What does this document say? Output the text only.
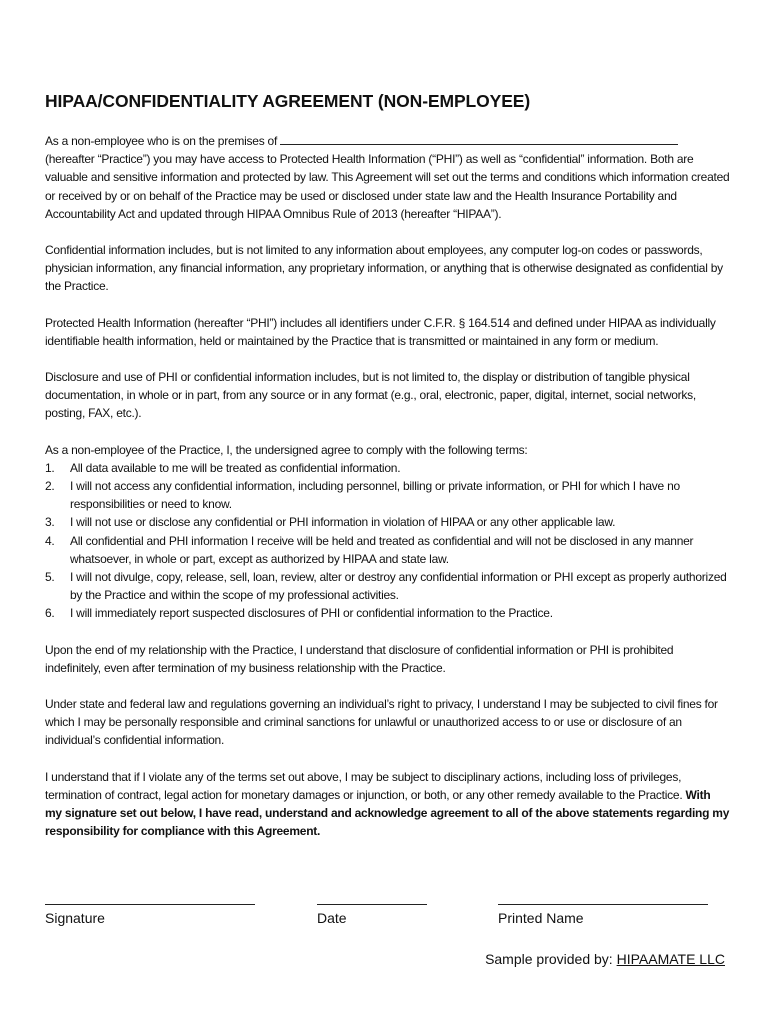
HIPAA/CONFIDENTIALITY AGREEMENT (NON-EMPLOYEE)

As a non-employee who is on the premises of  (hereafter “Practice”) you may have access to Protected Health Information (“PHI”) as well as “confidential” information. Both are valuable and sensitive information and protected by law. This Agreement will set out the terms and conditions which information created or received by or on behalf of the Practice may be used or disclosed under state law and the Health Insurance Portability and Accountability Act and updated through HIPAA Omnibus Rule of 2013 (hereafter “HIPAA”).

Confidential information includes, but is not limited to any information about employees, any computer log-on codes or passwords, physician information, any financial information, any proprietary information, or anything that is otherwise designated as confidential by the Practice.

Protected Health Information (hereafter “PHI”) includes all identifiers under C.F.R. § 164.514 and defined under HIPAA as individually identifiable health information, held or maintained by the Practice that is transmitted or maintained in any form or medium.

Disclosure and use of PHI or confidential information includes, but is not limited to, the display or distribution of tangible physical documentation, in whole or in part, from any source or in any format (e.g., oral, electronic, paper, digital, internet, social networks, posting, FAX, etc.).

As a non-employee of the Practice, I, the undersigned agree to comply with the following terms:
1. All data available to me will be treated as confidential information.
2. I will not access any confidential information, including personnel, billing or private information, or PHI for which I have no responsibilities or need to know.
3. I will not use or disclose any confidential or PHI information in violation of HIPAA or any other applicable law.
4. All confidential and PHI information I receive will be held and treated as confidential and will not be disclosed in any manner whatsoever, in whole or part, except as authorized by HIPAA and state law.
5. I will not divulge, copy, release, sell, loan, review, alter or destroy any confidential information or PHI except as properly authorized by the Practice and within the scope of my professional activities.
6. I will immediately report suspected disclosures of PHI or confidential information to the Practice.

Upon the end of my relationship with the Practice, I understand that disclosure of confidential information or PHI is prohibited indefinitely, even after termination of my business relationship with the Practice.

Under state and federal law and regulations governing an individual’s right to privacy, I understand I may be subjected to civil fines for which I may be personally responsible and criminal sanctions for unlawful or unauthorized access to or use or disclosure of an individual’s confidential information.

I understand that if I violate any of the terms set out above, I may be subject to disciplinary actions, including loss of privileges, termination of contract, legal action for monetary damages or injunction, or both, or any other remedy available to the Practice. With my signature set out below, I have read, understand and acknowledge agreement to all of the above statements regarding my responsibility for compliance with this Agreement.

Signature	Date	Printed Name
Sample provided by: HIPAAMATE LLC
